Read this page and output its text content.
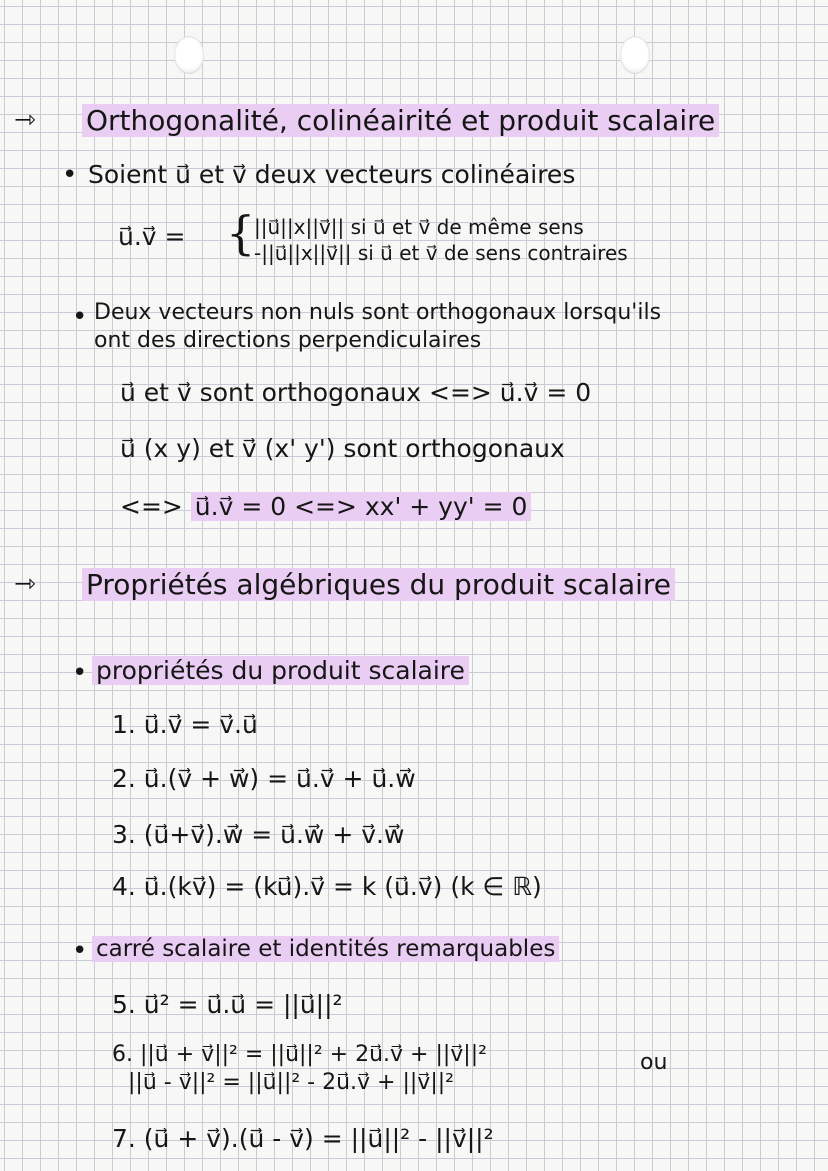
⇾	Orthogonalité, colinéairité et produit scalaire
• Soient u⃗ et v⃗ deux vecteurs colinéaires
u⃗.v⃗ = {
||u⃗||x||v⃗|| si u⃗ et v⃗ de même sens
-||u⃗||x||v⃗|| si u⃗ et v⃗ de sens contraires
• Deux vecteurs non nuls sont orthogonaux lorsqu'ils
ont des directions perpendiculaires
u⃗ et v⃗ sont orthogonaux <=> u⃗.v⃗ = 0
u⃗ (x y) et v⃗ (x' y') sont orthogonaux
<=> u⃗.v⃗ = 0 <=> xx' + yy' = 0
⇾	Propriétés algébriques du produit scalaire
• propriétés du produit scalaire
1. u⃗.v⃗ = v⃗.u⃗
2. u⃗.(v⃗ + w⃗) = u⃗.v⃗ + u⃗.w⃗
3. (u⃗+v⃗).w⃗ = u⃗.w⃗ + v⃗.w⃗
4. u⃗.(kv⃗) = (ku⃗).v⃗ = k (u⃗.v⃗) (k ∈ ℝ)
• carré scalaire et identités remarquables
5. u⃗² = u⃗.u⃗ = ||u⃗||²
6. ||u⃗ + v⃗||² = ||u⃗||² + 2u⃗.v⃗ + ||v⃗||²	ou
||u⃗ - v⃗||² = ||u⃗||² - 2u⃗.v⃗ + ||v⃗||²
7. (u⃗ + v⃗).(u⃗ - v⃗) = ||u⃗||² - ||v⃗||²
